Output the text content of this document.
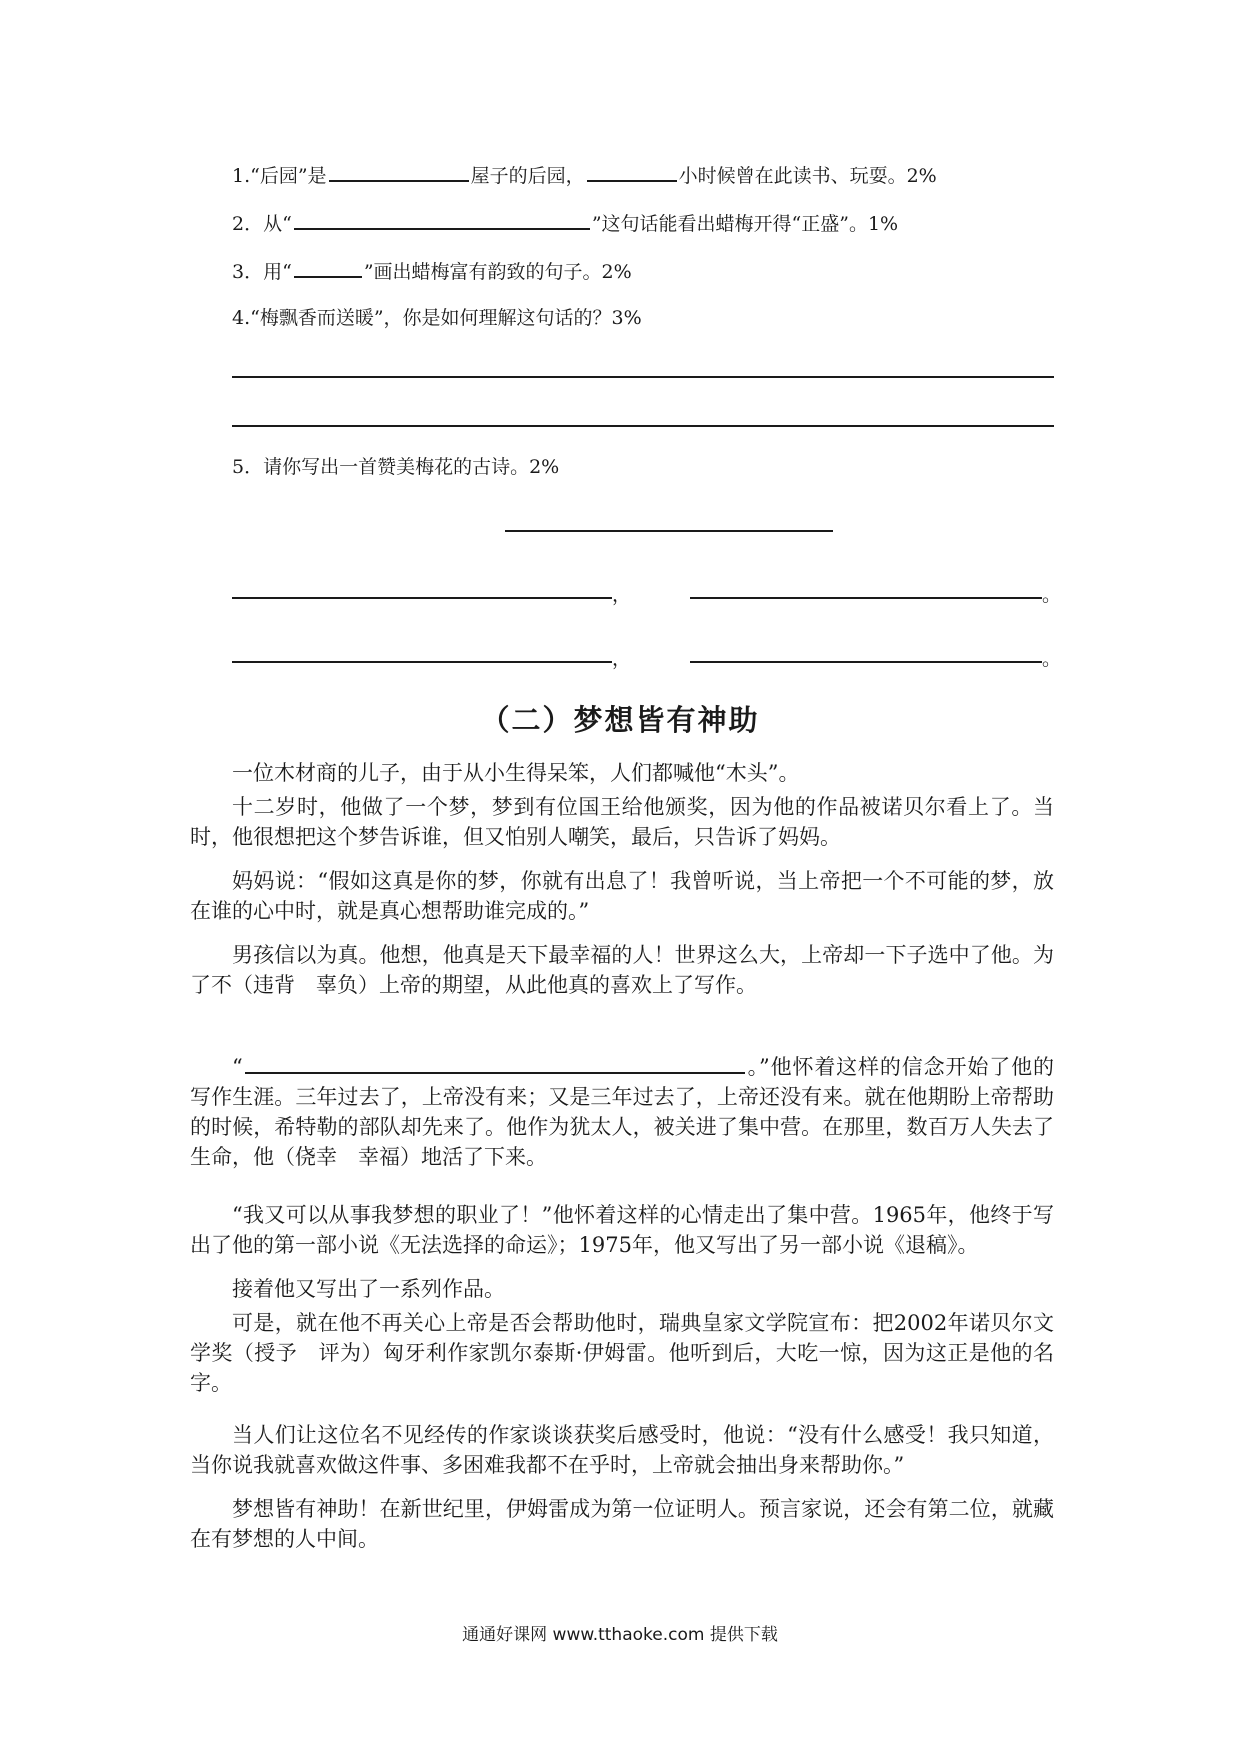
1.“后园”是	屋子的后园，	小时候曾在此读书、玩耍。2%
2．从“	”这句话能看出蜡梅开得“正盛”。1%
3．用“	”画出蜡梅富有韵致的句子。2%
4.“梅飘香而送暖”，你是如何理解这句话的？3%
5．请你写出一首赞美梅花的古诗。2%
，	。
，	。
（二）梦想皆有神助
一位木材商的儿子，由于从小生得呆笨，人们都喊他“木头”。
十二岁时，他做了一个梦，梦到有位国王给他颁奖，因为他的作品被诺贝尔看上了。当时，他很想把这个梦告诉谁，但又怕别人嘲笑，最后，只告诉了妈妈。
妈妈说：“假如这真是你的梦，你就有出息了！我曾听说，当上帝把一个不可能的梦，放在谁的心中时，就是真心想帮助谁完成的。”
男孩信以为真。他想，他真是天下最幸福的人！世界这么大，上帝却一下子选中了他。为了不（违背　辜负）上帝的期望，从此他真的喜欢上了写作。
“	。”他怀着这样的信念开始了他的写作生涯。三年过去了，上帝没有来；又是三年过去了，上帝还没有来。就在他期盼上帝帮助的时候，希特勒的部队却先来了。他作为犹太人，被关进了集中营。在那里，数百万人失去了生命，他（侥幸　幸福）地活了下来。
“我又可以从事我梦想的职业了！”他怀着这样的心情走出了集中营。1965年，他终于写出了他的第一部小说《无法选择的命运》；1975年，他又写出了另一部小说《退稿》。
接着他又写出了一系列作品。
可是，就在他不再关心上帝是否会帮助他时，瑞典皇家文学院宣布：把2002年诺贝尔文学奖（授予　评为）匈牙利作家凯尔泰斯·伊姆雷。他听到后，大吃一惊，因为这正是他的名字。
当人们让这位名不见经传的作家谈谈获奖后感受时，他说：“没有什么感受！我只知道，当你说我就喜欢做这件事、多困难我都不在乎时，上帝就会抽出身来帮助你。”
梦想皆有神助！在新世纪里，伊姆雷成为第一位证明人。预言家说，还会有第二位，就藏在有梦想的人中间。
通通好课网 www.tthaoke.com 提供下载
